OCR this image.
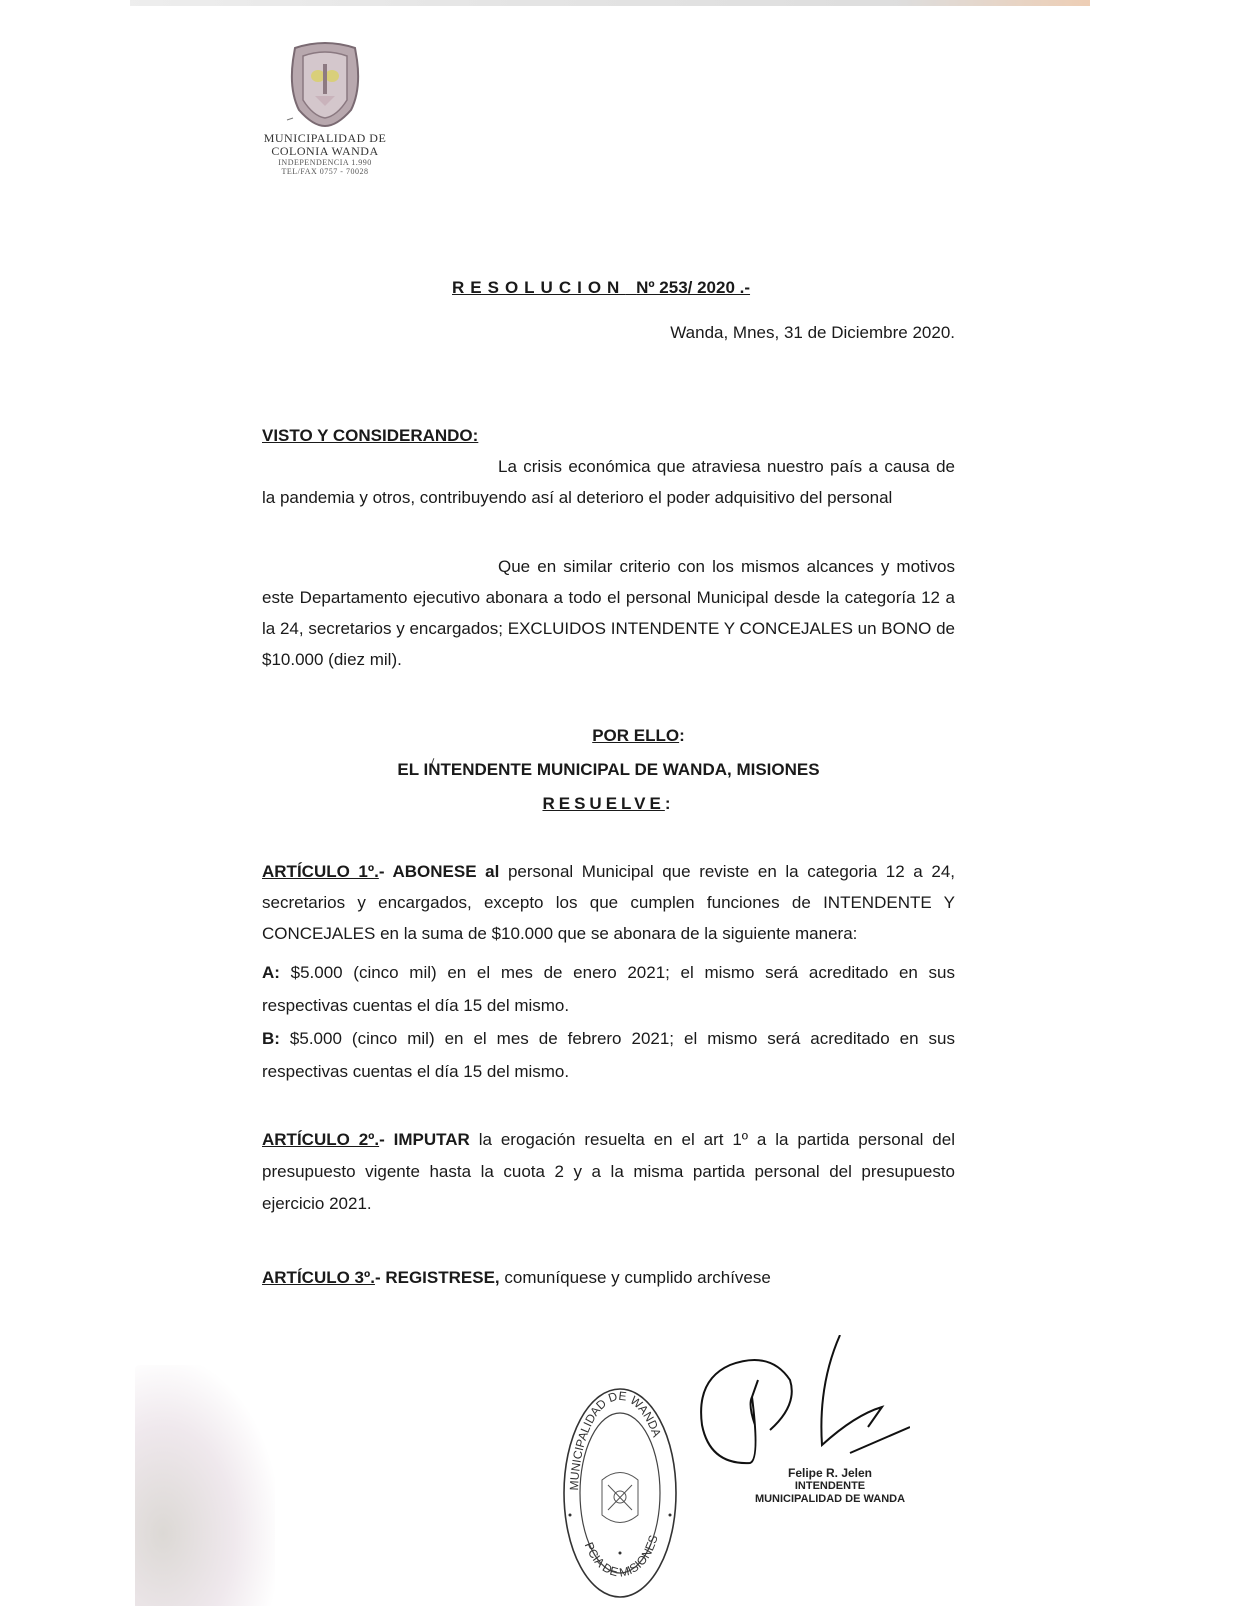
MUNICIPALIDAD DE
COLONIA WANDA
INDEPENDENCIA 1.990
TEL/FAX 0757 - 70028
RESOLUCION Nº 253/ 2020 .-
Wanda, Mnes, 31 de Diciembre 2020.
VISTO Y CONSIDERANDO:
La crisis económica que atraviesa nuestro país a causa de la pandemia y otros, contribuyendo así al deterioro el poder adquisitivo del personal
Que en similar criterio con los mismos alcances y motivos este Departamento ejecutivo abonara a todo el personal Municipal desde la categoría 12 a la 24, secretarios y encargados; EXCLUIDOS INTENDENTE Y CONCEJALES un BONO de $10.000 (diez mil).
POR ELLO:
EL INTENDENTE MUNICIPAL DE WANDA, MISIONES
RESUELVE:
ARTÍCULO 1º.- ABONESE al personal Municipal que reviste en la categoria 12 a 24, secretarios y encargados, excepto los que cumplen funciones de INTENDENTE Y CONCEJALES en la suma de $10.000 que se abonara de la siguiente manera:
A: $5.000 (cinco mil) en el mes de enero 2021; el mismo será acreditado en sus respectivas cuentas el día 15 del mismo.
B: $5.000 (cinco mil) en el mes de febrero 2021; el mismo será acreditado en sus respectivas cuentas el día 15 del mismo.
ARTÍCULO 2º.- IMPUTAR la erogación resuelta en el art 1º a la partida personal del presupuesto vigente hasta la cuota 2 y a la misma partida personal del presupuesto ejercicio 2021.
ARTÍCULO 3º.- REGISTRESE, comuníquese y cumplido archívese
MUNICIPALIDAD DE WANDA
PCIA DE MISIONES
Felipe R. Jelen
INTENDENTE
MUNICIPALIDAD DE WANDA
